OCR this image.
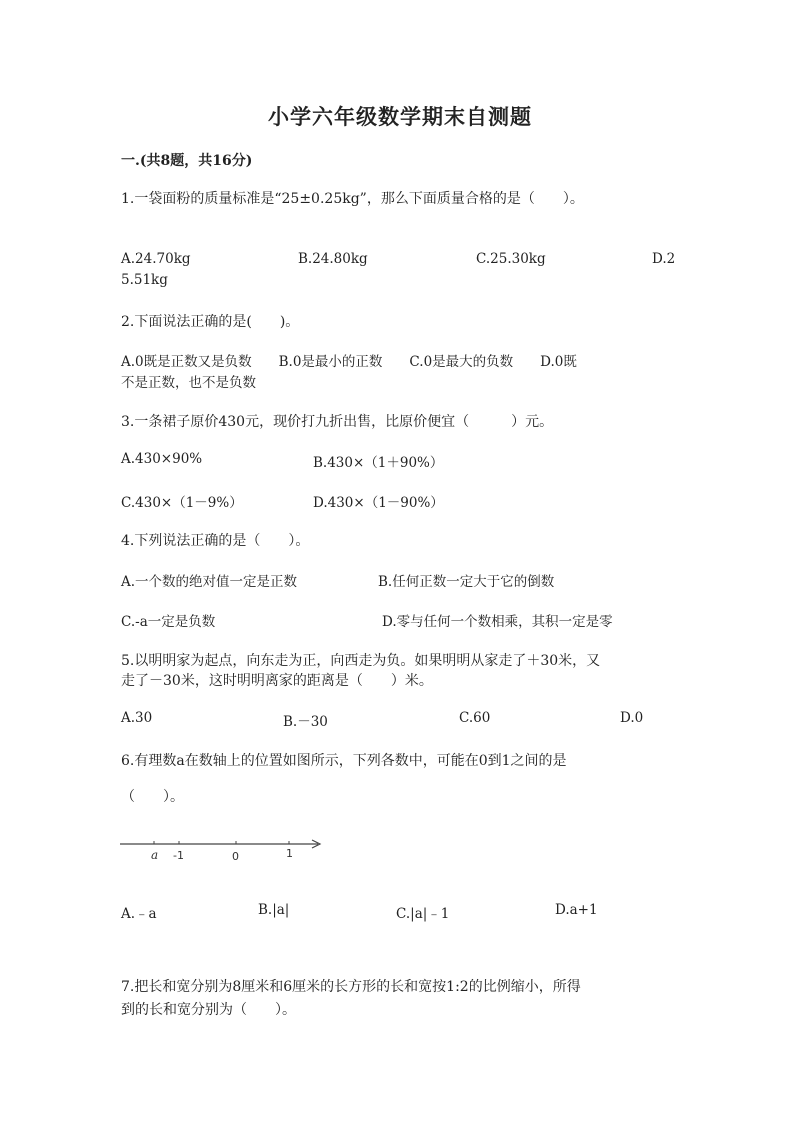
小学六年级数学期末自测题
一.(共8题，共16分)
1.一袋面粉的质量标准是“25±0.25kg”，那么下面质量合格的是（　　）。
A.24.70kg	B.24.80kg	C.25.30kg	D.2
5.51kg
2.下面说法正确的是(　　)。
A.0既是正数又是负数　　B.0是最小的正数　　C.0是最大的负数　　D.0既
不是正数，也不是负数
3.一条裙子原价430元，现价打九折出售，比原价便宜（　　　）元。
A.430×90%	B.430×（1＋90%）
C.430×（1－9%）	D.430×（1－90%）
4.下列说法正确的是（　　）。
A.一个数的绝对值一定是正数	B.任何正数一定大于它的倒数
C.-a一定是负数	D.零与任何一个数相乘，其积一定是零
5.以明明家为起点，向东走为正，向西走为负。如果明明从家走了＋30米，又
走了－30米，这时明明离家的距离是（　　）米。
A.30	B.－30	C.60	D.0
6.有理数a在数轴上的位置如图所示，下列各数中，可能在0到1之间的是
（　　）。
a -1	0	1
A.﹣a	B.|a|	C.|a|﹣1	D.a+1
7.把长和宽分别为8厘米和6厘米的长方形的长和宽按1:2的比例缩小，所得
到的长和宽分别为（　　）。
